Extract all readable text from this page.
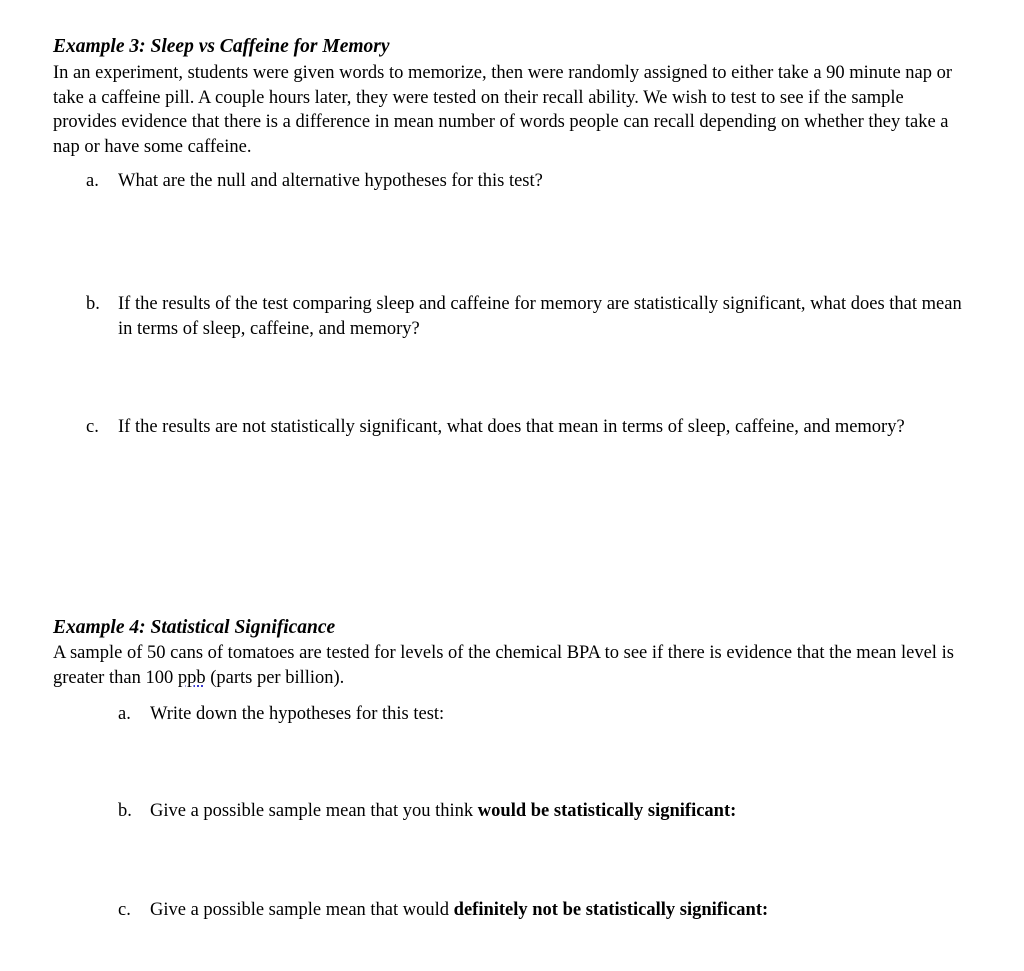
Example 3: Sleep vs Caffeine for Memory
In an experiment, students were given words to memorize, then were randomly assigned to either take a 90 minute nap or
take a caffeine pill. A couple hours later, they were tested on their recall ability. We wish to test to see if the sample
provides evidence that there is a difference in mean number of words people can recall depending on whether they take a
nap or have some caffeine.
a. What are the null and alternative hypotheses for this test?
b. If the results of the test comparing sleep and caffeine for memory are statistically significant, what does that mean
in terms of sleep, caffeine, and memory?
c. If the results are not statistically significant, what does that mean in terms of sleep, caffeine, and memory?
Example 4: Statistical Significance
A sample of 50 cans of tomatoes are tested for levels of the chemical BPA to see if there is evidence that the mean level is
greater than 100 ppb (parts per billion).
a. Write down the hypotheses for this test:
b. Give a possible sample mean that you think would be statistically significant:
c. Give a possible sample mean that would definitely not be statistically significant:
